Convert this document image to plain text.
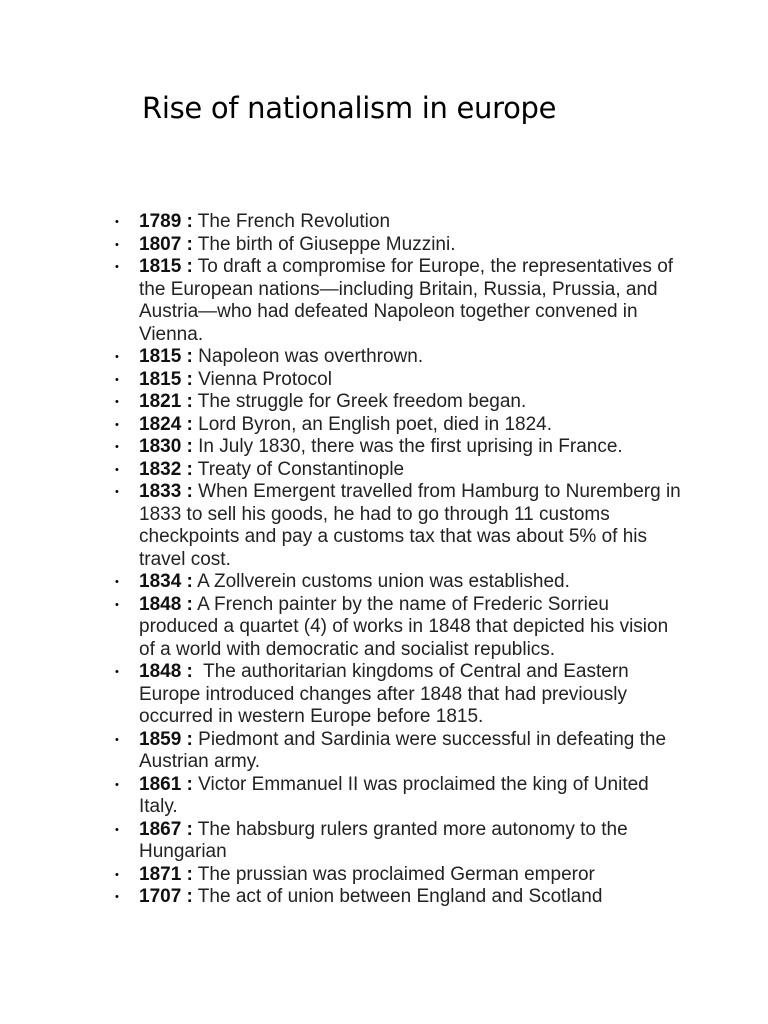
Rise of nationalism in europe
• 1789 : The French Revolution
• 1807 : The birth of Giuseppe Muzzini.
• 1815 : To draft a compromise for Europe, the representatives of the European nations—including Britain, Russia, Prussia, and Austria—who had defeated Napoleon together convened in Vienna.
• 1815 : Napoleon was overthrown.
• 1815 : Vienna Protocol
• 1821 : The struggle for Greek freedom began.
• 1824 : Lord Byron, an English poet, died in 1824.
• 1830 : In July 1830, there was the first uprising in France.
• 1832 : Treaty of Constantinople
• 1833 : When Emergent travelled from Hamburg to Nuremberg in 1833 to sell his goods, he had to go through 11 customs checkpoints and pay a customs tax that was about 5% of his travel cost.
• 1834 : A Zollverein customs union was established.
• 1848 : A French painter by the name of Frederic Sorrieu produced a quartet (4) of works in 1848 that depicted his vision of a world with democratic and socialist republics.
• 1848 :  The authoritarian kingdoms of Central and Eastern Europe introduced changes after 1848 that had previously occurred in western Europe before 1815.
• 1859 : Piedmont and Sardinia were successful in defeating the Austrian army.
• 1861 : Victor Emmanuel II was proclaimed the king of United Italy.
• 1867 : The habsburg rulers granted more autonomy to the Hungarian
• 1871 : The prussian was proclaimed German emperor
• 1707 : The act of union between England and Scotland
